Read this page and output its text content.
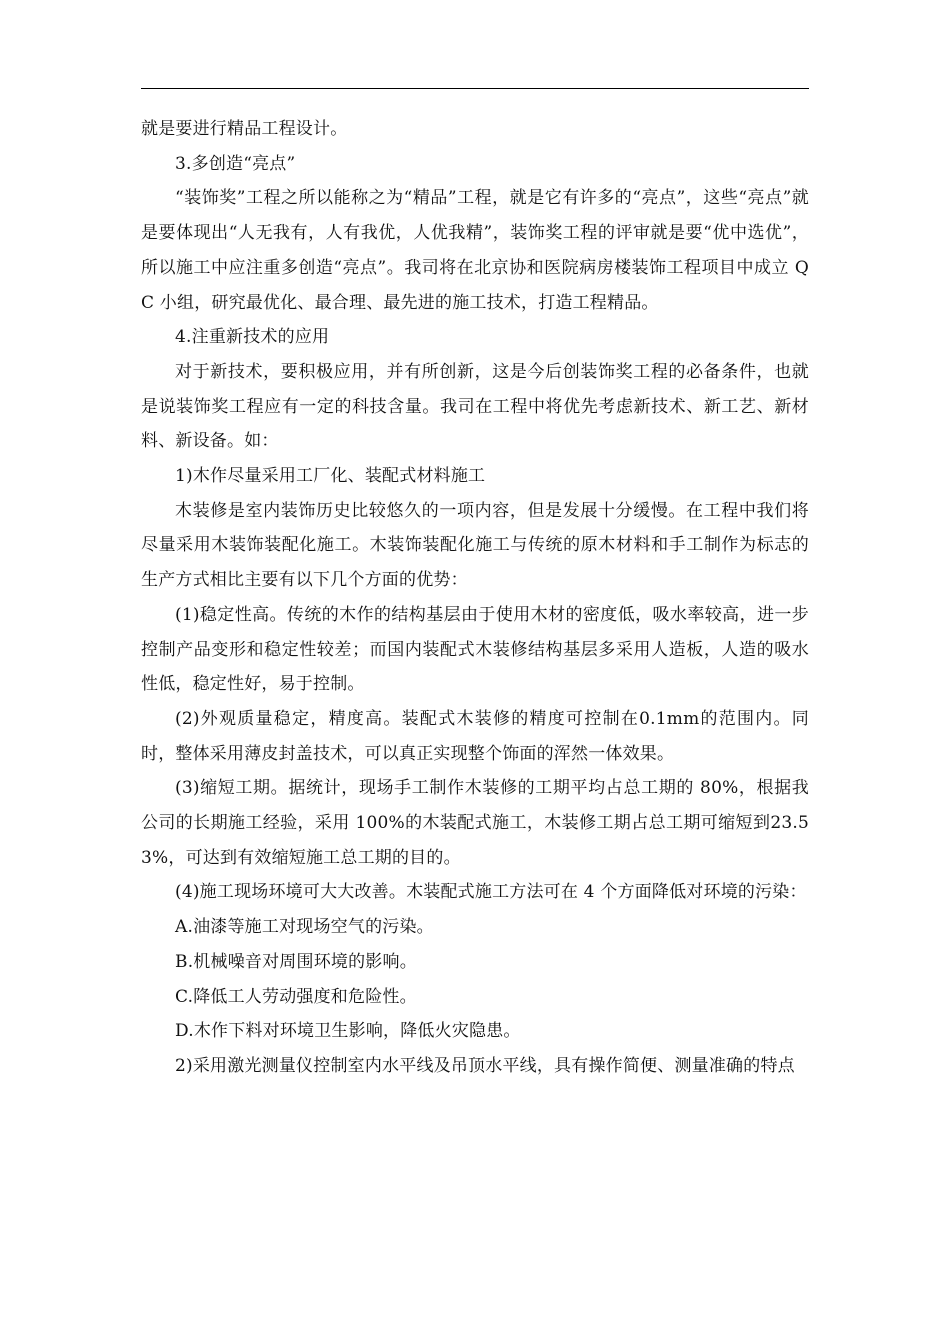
就是要进行精品工程设计。

3.多创造“亮点”

“装饰奖”工程之所以能称之为“精品”工程，就是它有许多的“亮点”，这些“亮点”就是要体现出“人无我有，人有我优，人优我精”，装饰奖工程的评审就是要“优中选优”，所以施工中应注重多创造“亮点”。我司将在北京协和医院病房楼装饰工程项目中成立 QC 小组，研究最优化、最合理、最先进的施工技术，打造工程精品。

4.注重新技术的应用

对于新技术，要积极应用，并有所创新，这是今后创装饰奖工程的必备条件，也就是说装饰奖工程应有一定的科技含量。我司在工程中将优先考虑新技术、新工艺、新材料、新设备。如：

1)木作尽量采用工厂化、装配式材料施工

木装修是室内装饰历史比较悠久的一项内容，但是发展十分缓慢。在工程中我们将尽量采用木装饰装配化施工。木装饰装配化施工与传统的原木材料和手工制作为标志的生产方式相比主要有以下几个方面的优势：

(1)稳定性高。传统的木作的结构基层由于使用木材的密度低，吸水率较高，进一步控制产品变形和稳定性较差；而国内装配式木装修结构基层多采用人造板，人造的吸水性低，稳定性好，易于控制。

(2)外观质量稳定，精度高。装配式木装修的精度可控制在0.1mm的范围内。同时，整体采用薄皮封盖技术，可以真正实现整个饰面的浑然一体效果。

(3)缩短工期。据统计，现场手工制作木装修的工期平均占总工期的 80%，根据我公司的长期施工经验，采用 100%的木装配式施工，木装修工期占总工期可缩短到23.53%，可达到有效缩短施工总工期的目的。

(4)施工现场环境可大大改善。木装配式施工方法可在 4 个方面降低对环境的污染：

A.油漆等施工对现场空气的污染。

B.机械噪音对周围环境的影响。

C.降低工人劳动强度和危险性。

D.木作下料对环境卫生影响，降低火灾隐患。

2)采用激光测量仪控制室内水平线及吊顶水平线，具有操作简便、测量准确的特点
